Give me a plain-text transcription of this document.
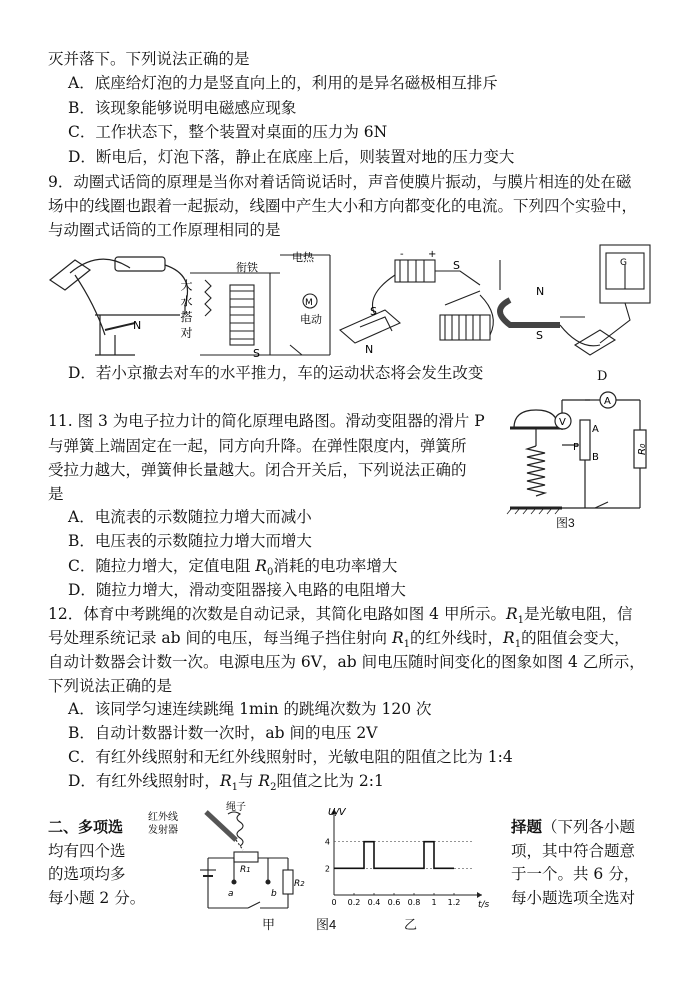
灭并落下。下列说法正确的是
A．底座给灯泡的力是竖直向上的，利用的是异名磁极相互排斥
B．该现象能够说明电磁感应现象
C．工作状态下，整个装置对桌面的压力为 6N
D．断电后，灯泡下落，静止在底座上后，则装置对地的压力变大
9．动圈式话筒的原理是当你对着话筒说话时，声音使膜片振动，与膜片相连的处在磁
场中的线圈也跟着一起振动，线圈中产生大小和方向都变化的电流。下列四个实验中，
与动圈式话筒的工作原理相同的是
N	大 水 搭 对
衔铁
电热
M
电动
S
S
N
S
+
-
N
S
G
D．若小京撤去对车的水平推力，车的运动状态将会发生改变	D
11. 图 3 为电子拉力计的简化原理电路图。滑动变阻器的滑片 P
与弹簧上端固定在一起，同方向升降。在弹性限度内，弹簧所
受拉力越大，弹簧伸长量越大。闭合开关后，下列说法正确的
是
A．电流表的示数随拉力增大而减小
B．电压表的示数随拉力增大而增大
C．随拉力增大，定值电阻 $R_0$消耗的电功率增大
D．随拉力增大，滑动变阻器接入电路的电阻增大
V
A
A
B
P	R0
图3
12．体育中考跳绳的次数是自动记录，其简化电路如图 4 甲所示。$R_1$是光敏电阻，信
号处理系统记录 ab 间的电压，每当绳子挡住射向 $R_1$的红外线时，$R_1$的阻值会变大，
自动计数器会计数一次。电源电压为 6V，ab 间电压随时间变化的图象如图 4 乙所示，
下列说法正确的是
A．该同学匀速连续跳绳 1min 的跳绳次数为 120 次
B．自动计数器计数一次时，ab 间的电压 2V
C．有红外线照射和无红外线照射时，光敏电阻的阻值之比为 1:4
D．有红外线照射时，$R_1$与 $R_2$阻值之比为 2:1
二、多项选
均有四个选
的选项均多
每小题 2 分。
择题（下列各小题
项，其中符合题意
于一个。共 6 分，
每小题选项全选对
红外线
发射器
绳子
R1
R2
a	b
0 0.2 0.4 0.6 0.8 1 1.2
2
4
U/V
t/s
甲	图4	乙
